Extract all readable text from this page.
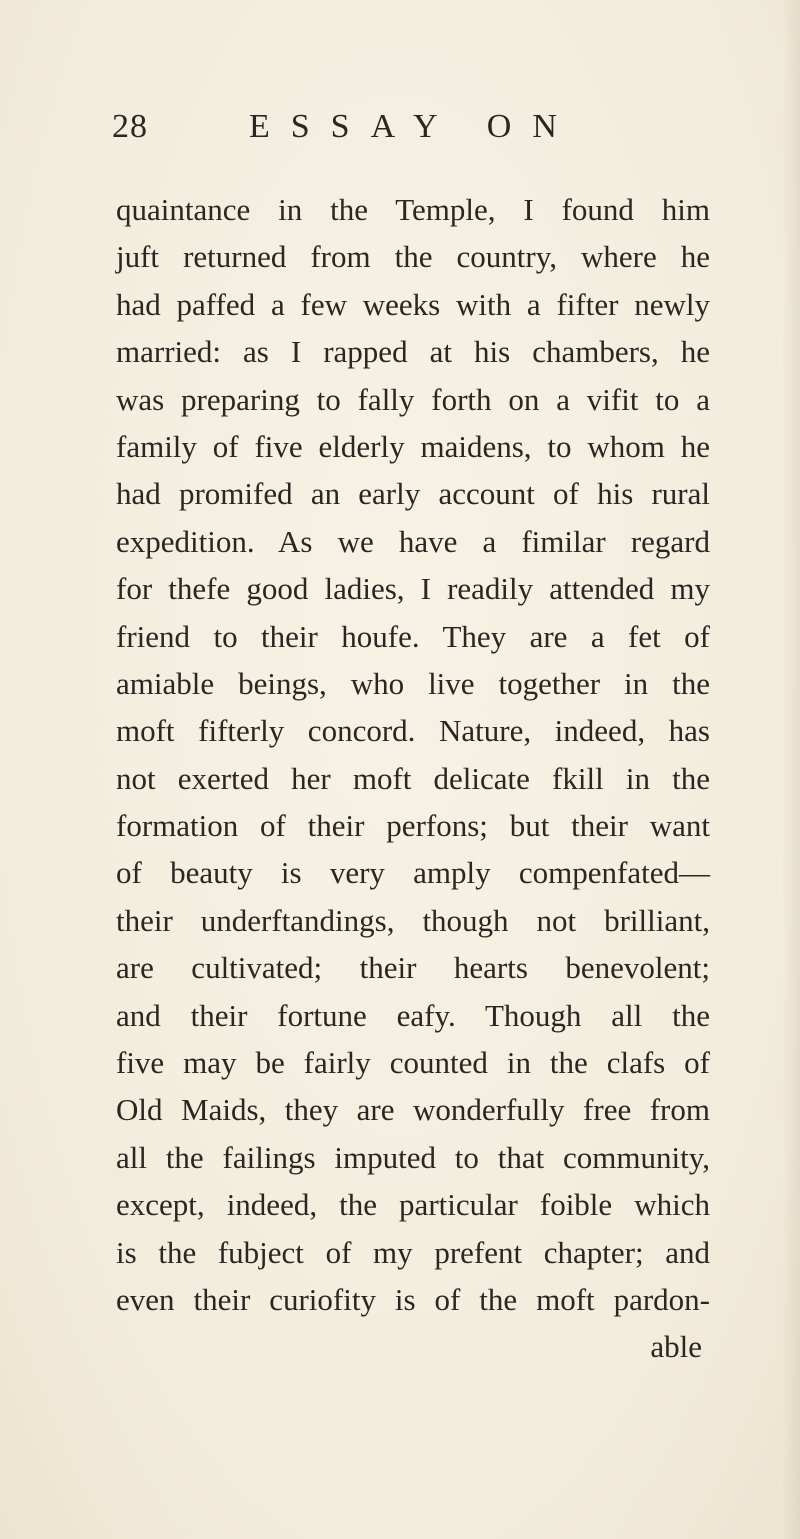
28	ESSAY ON
quaintance in the Temple, I found him
juft returned from the country, where he
had paffed a few weeks with a fifter newly
married: as I rapped at his chambers, he
was preparing to fally forth on a vifit to a
family of five elderly maidens, to whom he
had promifed an early account of his rural
expedition. As we have a fimilar regard
for thefe good ladies, I readily attended my
friend to their houfe. They are a fet of
amiable beings, who live together in the
moft fifterly concord. Nature, indeed, has
not exerted her moft delicate fkill in the
formation of their perfons; but their want
of beauty is very amply compenfated—
their underftandings, though not brilliant,
are cultivated; their hearts benevolent;
and their fortune eafy. Though all the
five may be fairly counted in the clafs of
Old Maids, they are wonderfully free from
all the failings imputed to that community,
except, indeed, the particular foible which
is the fubject of my prefent chapter; and
even their curiofity is of the moft pardon-
able
